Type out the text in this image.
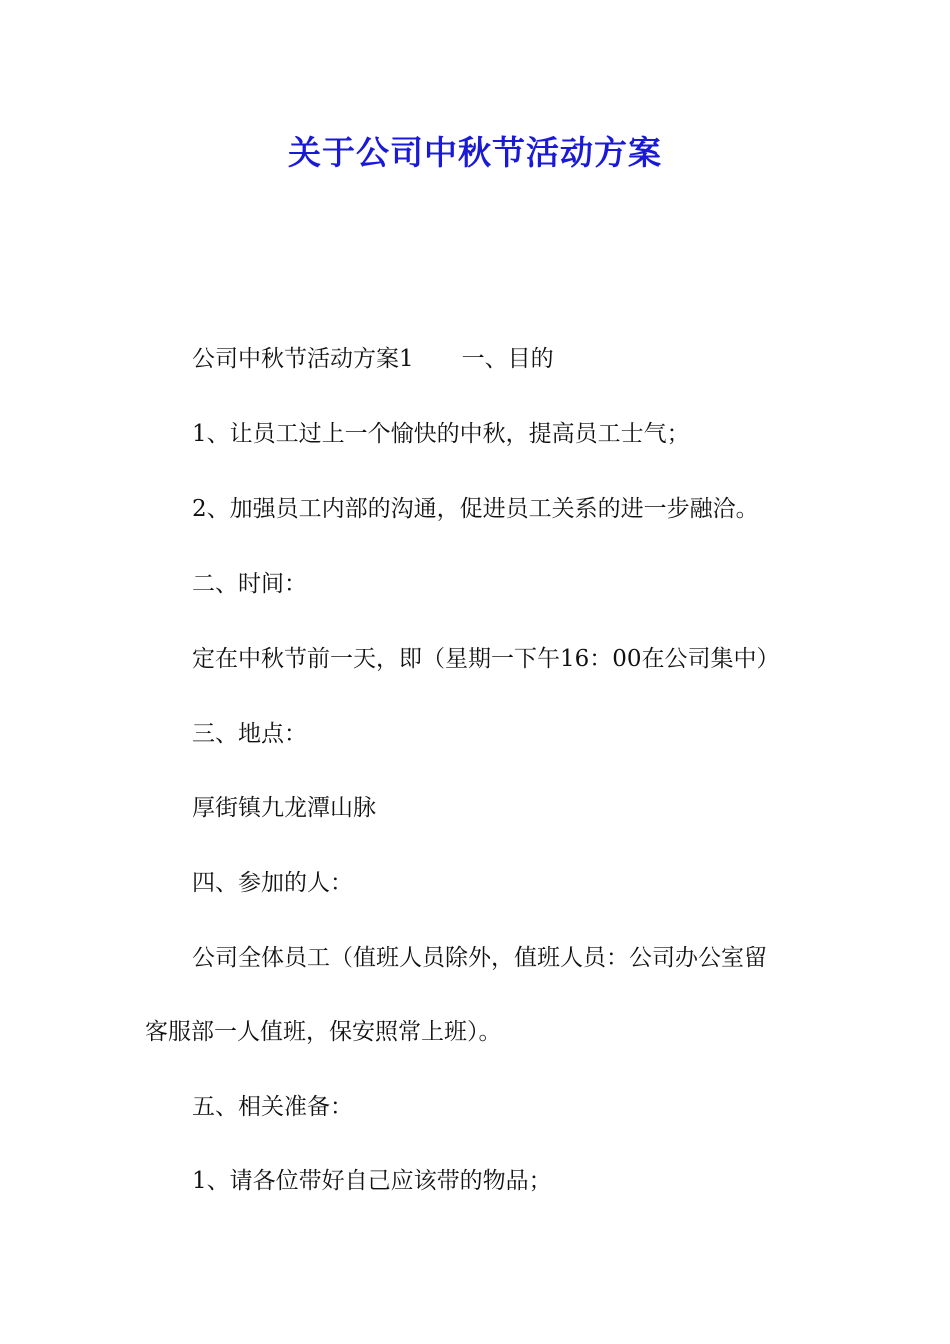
关于公司中秋节活动方案
公司中秋节活动方案1 一、目的
1、让员工过上一个愉快的中秋，提高员工士气；
2、加强员工内部的沟通，促进员工关系的进一步融洽。
二、时间：
定在中秋节前一天，即（星期一下午16：00在公司集中）
三、地点：
厚街镇九龙潭山脉
四、参加的人：
公司全体员工（值班人员除外，值班人员：公司办公室留
客服部一人值班，保安照常上班）。
五、相关准备：
1、请各位带好自己应该带的物品；
